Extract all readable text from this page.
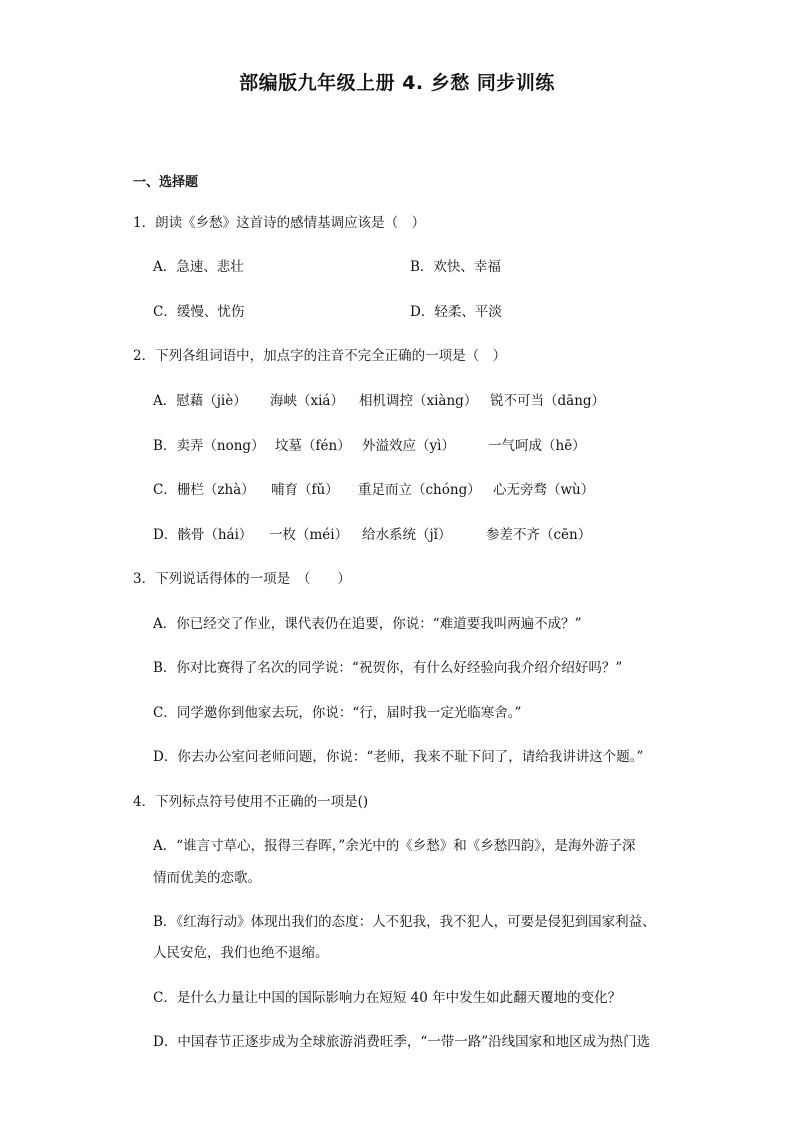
部编版九年级上册 4. 乡愁 同步训练
一、选择题
1．朗读《乡愁》这首诗的感情基调应该是（　）
A．急速、悲壮	B．欢快、幸福
C．缓慢、忧伤	D．轻柔、平淡
2．下列各组词语中，加点字的注音不完全正确的一项是（　）
A．慰藉（jiè） 海峡（xiá） 相机调控（xiàng） 锐不可当（dāng）
B．卖弄（nong） 坟墓（fén） 外溢效应（yì） 一气呵成（hē）
C．栅栏（zhà） 哺育（fǔ） 重足而立（chóng） 心无旁骛（wù）
D．骸骨（hái） 一枚（méi） 给水系统（jǐ）	参差不齐（cēn）
3．下列说话得体的一项是　（　　）
A．你已经交了作业，课代表仍在追要，你说：“难道要我叫两遍不成？”
B．你对比赛得了名次的同学说：“祝贺你，有什么好经验向我介绍介绍好吗？”
C．同学邀你到他家去玩，你说：“行，届时我一定光临寒舍。”
D．你去办公室问老师问题，你说：“老师，我来不耻下问了，请给我讲讲这个题。”
4．下列标点符号使用不正确的一项是()
A．“谁言寸草心，报得三春晖，”余光中的《乡愁》和《乡愁四韵》，是海外游子深
情而优美的恋歌。
B．《红海行动》体现出我们的态度：人不犯我，我不犯人，可要是侵犯到国家利益、
人民安危，我们也绝不退缩。
C．是什么力量让中国的国际影响力在短短 40 年中发生如此翻天覆地的变化？
D．中国春节正逐步成为全球旅游消费旺季，“一带一路”沿线国家和地区成为热门选
